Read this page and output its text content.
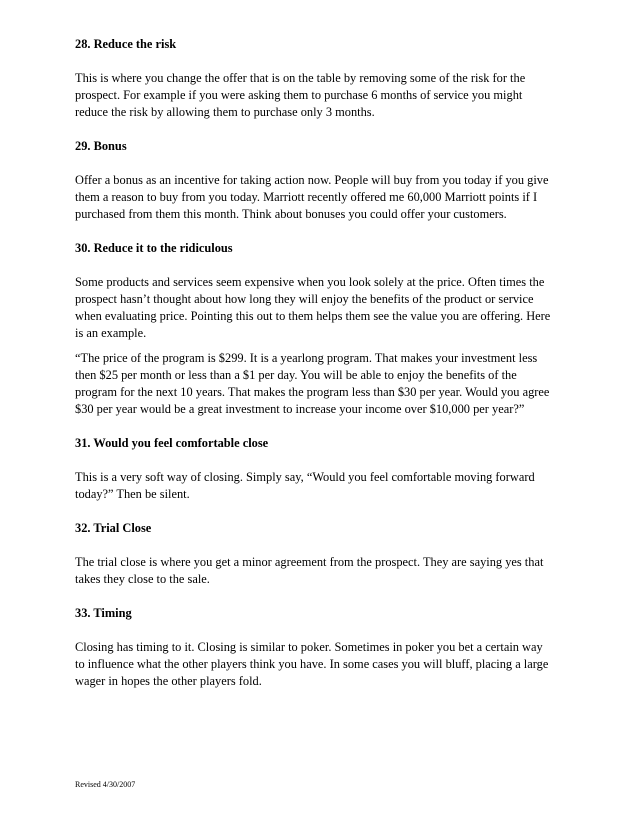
28. Reduce the risk
This is where you change the offer that is on the table by removing some of the risk for the
prospect. For example if you were asking them to purchase 6 months of service you might
reduce the risk by allowing them to purchase only 3 months.
29. Bonus
Offer a bonus as an incentive for taking action now. People will buy from you today if you give
them a reason to buy from you today. Marriott recently offered me 60,000 Marriott points if I
purchased from them this month. Think about bonuses you could offer your customers.
30. Reduce it to the ridiculous
Some products and services seem expensive when you look solely at the price. Often times the
prospect hasn’t thought about how long they will enjoy the benefits of the product or service
when evaluating price. Pointing this out to them helps them see the value you are offering. Here
is an example.
“The price of the program is $299. It is a yearlong program. That makes your investment less
then $25 per month or less than a $1 per day. You will be able to enjoy the benefits of the
program for the next 10 years. That makes the program less than $30 per year. Would you agree
$30 per year would be a great investment to increase your income over $10,000 per year?”
31. Would you feel comfortable close
This is a very soft way of closing. Simply say, “Would you feel comfortable moving forward
today?” Then be silent.
32. Trial Close
The trial close is where you get a minor agreement from the prospect. They are saying yes that
takes they close to the sale.
33. Timing
Closing has timing to it. Closing is similar to poker. Sometimes in poker you bet a certain way
to influence what the other players think you have. In some cases you will bluff, placing a large
wager in hopes the other players fold.
Revised 4/30/2007
